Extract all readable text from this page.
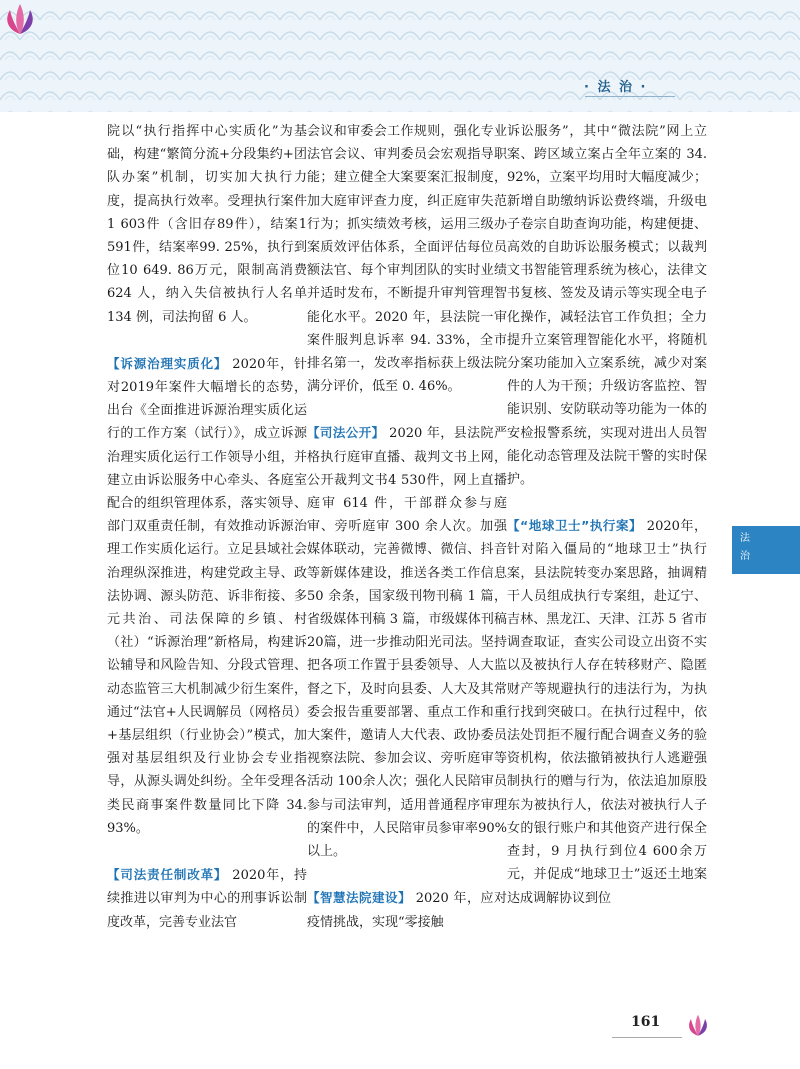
· 法 治 ·

院以“执行指挥中心实质化”为基础，构建“繁简分流+分段集约+团队办案”机制，切实加大执行力度，提高执行效率。受理执行案件1 603件（含旧存89件），结案1 591件，结案率99. 25%，执行到位10 649. 86万元，限制高消费 624 人，纳入失信被执行人名单 134 例，司法拘留 6 人。

【诉源治理实质化】 2020年，针对2019年案件大幅增长的态势，出台《全面推进诉源治理实质化运行的工作方案（试行）》，成立诉源治理实质化运行工作领导小组，并建立由诉讼服务中心牵头、各庭室配合的组织管理体系，落实领导、部门双重责任制，有效推动诉源治理工作实质化运行。立足县域社会治理纵深推进，构建党政主导、政法协调、源头防范、诉非衔接、多元共治、司法保障的乡镇、村（社）“诉源治理”新格局，构建诉讼辅导和风险告知、分段式管理、动态监管三大机制减少衍生案件，通过“法官+人民调解员（网格员）+基层组织（行业协会）”模式，加强对基层组织及行业协会专业指导，从源头调处纠纷。全年受理各类民商事案件数量同比下降 34. 93%。

【司法责任制改革】 2020年，持续推进以审判为中心的刑事诉讼制度改革，完善专业法官

会议和审委会工作规则，强化专业法官会议、审判委员会宏观指导职能；建立健全大案要案汇报制度，加大庭审评查力度，纠正庭审失范行为；抓实绩效考核，运用三级办案质效评估体系，全面评估每位员额法官、每个审判团队的实时业绩并适时发布，不断提升审判管理智能化水平。2020 年，县法院一审案件服判息诉率 94. 33%，全市排名第一，发改率指标获上级法院满分评价，低至 0. 46%。

【司法公开】 2020 年，县法院严格执行庭审直播、裁判文书上网，公开裁判文书4 530件，网上直播庭审 614 件，干部群众参与庭审、旁听庭审 300 余人次。加强媒体联动，完善微博、微信、抖音等新媒体建设，推送各类工作信息 50 余条，国家级刊物刊稿 1 篇，省级媒体刊稿 3 篇，市级媒体刊稿 20篇，进一步推动阳光司法。坚持把各项工作置于县委领导、人大监督之下，及时向县委、人大及其常委会报告重要部署、重点工作和重大案件，邀请人大代表、政协委员视察法院、参加会议、旁听庭审等活动 100余人次；强化人民陪审员参与司法审判，适用普通程序审理的案件中，人民陪审员参审率90%以上。

【智慧法院建设】 2020 年，应对疫情挑战，实现“零接触

诉讼服务”，其中“微法院”网上立案、跨区域立案占全年立案的 34. 92%，立案平均用时大幅度减少；新增自助缴纳诉讼费终端，升级电子卷宗自助查询功能，构建便捷、高效的自助诉讼服务模式；以裁判文书智能管理系统为核心，法律文书复核、签发及请示等实现全电子化操作，减轻法官工作负担；全力提升立案管理智能化水平，将随机分案功能加入立案系统，减少对案件的人为干预；升级访客监控、智能识别、安防联动等功能为一体的安检报警系统，实现对进出人员智能化动态管理及法院干警的实时保护。

【“地球卫士”执行案】 2020年，针对陷入僵局的“地球卫士”执行案，县法院转变办案思路，抽调精干人员组成执行专案组，赴辽宁、吉林、黑龙江、天津、江苏 5 省市调查取证，查实公司设立出资不实以及被执行人存在转移财产、隐匿财产等规避执行的违法行为，为执行找到突破口。在执行过程中，依法处罚拒不履行配合调查义务的验资机构，依法撤销被执行人逃避强制执行的赠与行为，依法追加原股东为被执行人，依法对被执行人子女的银行账户和其他资产进行保全查封，9 月执行到位4 600余万元，并促成“地球卫士”返还土地案达成调解协议到位

法
治
161
